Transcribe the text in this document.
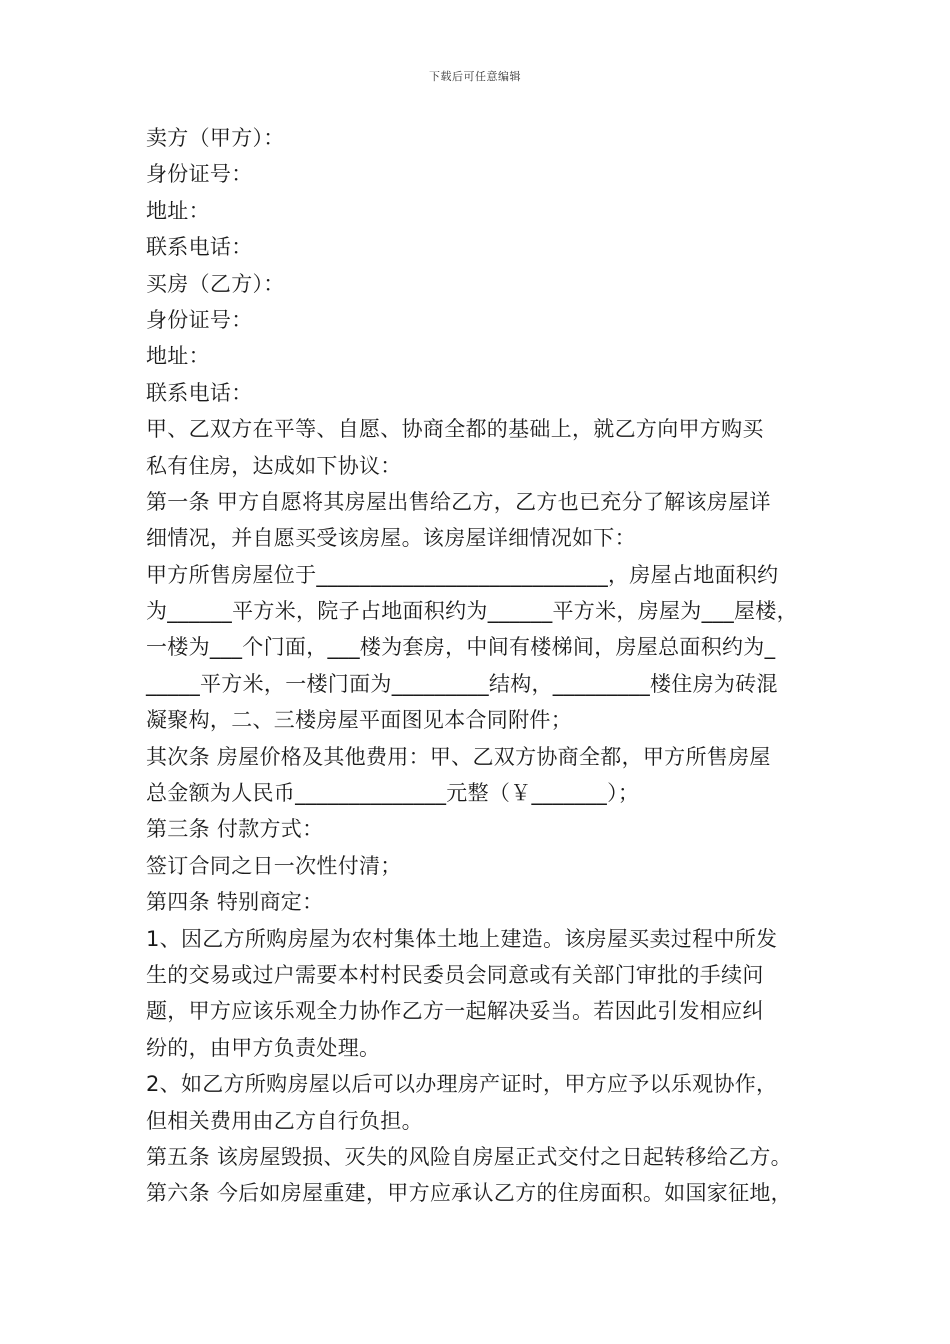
下载后可任意编辑
卖方（甲方）：
身份证号：
地址：
联系电话：
买房（乙方）：
身份证号：
地址：
联系电话：
甲、乙双方在平等、自愿、协商全都的基础上，就乙方向甲方购买
私有住房，达成如下协议：
第一条 甲方自愿将其房屋出售给乙方，乙方也已充分了解该房屋详
细情况，并自愿买受该房屋。该房屋详细情况如下：
甲方所售房屋位于___________________________，房屋占地面积约
为______平方米，院子占地面积约为______平方米，房屋为___屋楼，
一楼为___个门面，___楼为套房，中间有楼梯间，房屋总面积约为_
_____平方米，一楼门面为_________结构，_________楼住房为砖混
凝聚构，二、三楼房屋平面图见本合同附件；
其次条 房屋价格及其他费用：甲、乙双方协商全都，甲方所售房屋
总金额为人民币______________元整（￥_______）；
第三条 付款方式：
签订合同之日一次性付清；
第四条 特别商定：
1、因乙方所购房屋为农村集体土地上建造。该房屋买卖过程中所发
生的交易或过户需要本村村民委员会同意或有关部门审批的手续问
题，甲方应该乐观全力协作乙方一起解决妥当。若因此引发相应纠
纷的，由甲方负责处理。
2、如乙方所购房屋以后可以办理房产证时，甲方应予以乐观协作，
但相关费用由乙方自行负担。
第五条 该房屋毁损、灭失的风险自房屋正式交付之日起转移给乙方。
第六条 今后如房屋重建，甲方应承认乙方的住房面积。如国家征地，
